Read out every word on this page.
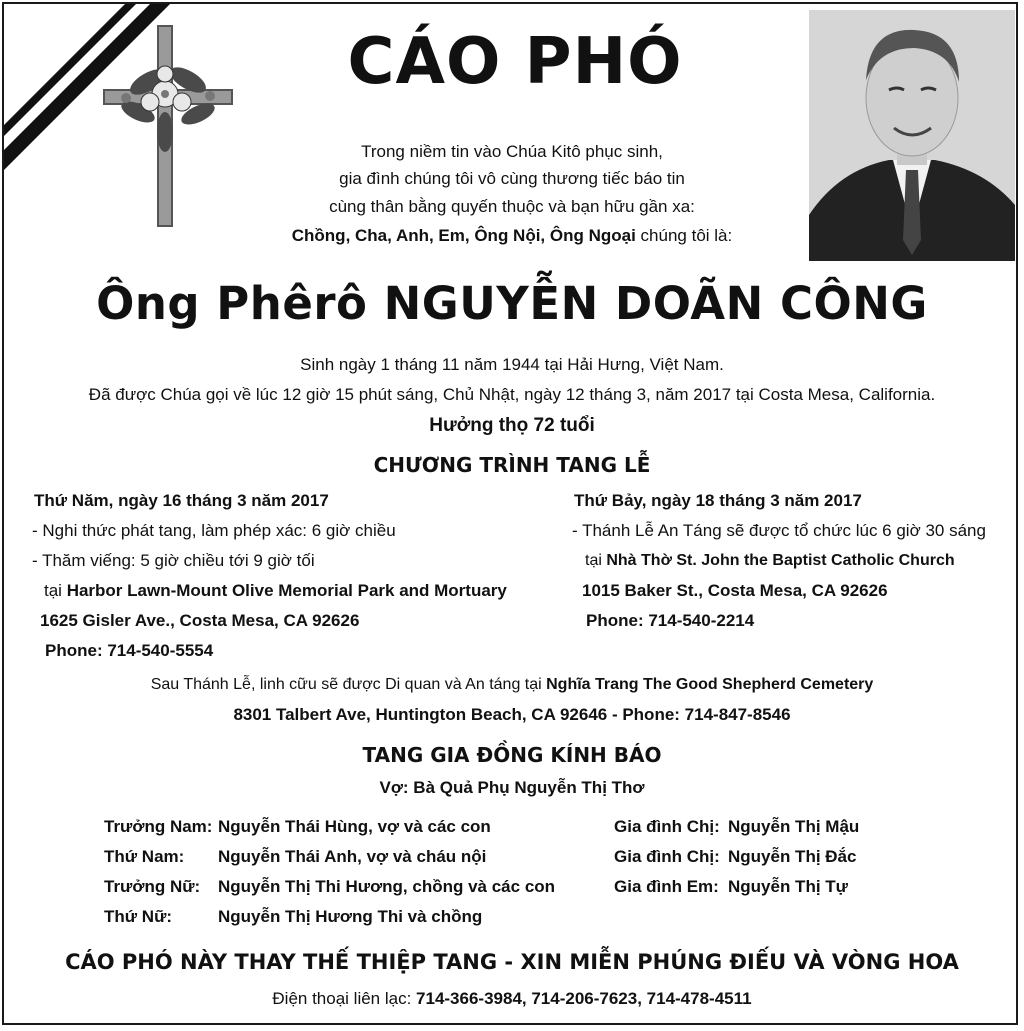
CÁO PHÓ
Trong niềm tin vào Chúa Kitô phục sinh,
gia đình chúng tôi vô cùng thương tiếc báo tin
cùng thân bằng quyến thuộc và bạn hữu gần xa:
Chồng, Cha, Anh, Em, Ông Nội, Ông Ngoại chúng tôi là:
Ông Phêrô NGUYỄN DOÃN CÔNG
Sinh ngày 1 tháng 11 năm 1944 tại Hải Hưng, Việt Nam.
Đã được Chúa gọi về lúc 12 giờ 15 phút sáng, Chủ Nhật, ngày 12 tháng 3, năm 2017 tại Costa Mesa, California.
Hưởng thọ 72 tuổi
CHƯƠNG TRÌNH TANG LỄ
Thứ Năm, ngày 16 tháng 3 năm 2017
- Nghi thức phát tang, làm phép xác: 6 giờ chiều
- Thăm viếng: 5 giờ chiều tới 9 giờ tối
tại Harbor Lawn-Mount Olive Memorial Park and Mortuary
1625 Gisler Ave., Costa Mesa, CA 92626
Phone: 714-540-5554
Thứ Bảy, ngày 18 tháng 3 năm 2017
- Thánh Lễ An Táng sẽ được tổ chức lúc 6 giờ 30 sáng
tại Nhà Thờ St. John the Baptist Catholic Church
1015 Baker St., Costa Mesa, CA 92626
Phone: 714-540-2214
Sau Thánh Lễ, linh cữu sẽ được Di quan và An táng tại Nghĩa Trang The Good Shepherd Cemetery
8301 Talbert Ave, Huntington Beach, CA 92646 - Phone: 714-847-8546
TANG GIA ĐỒNG KÍNH BÁO
Vợ: Bà Quả Phụ Nguyễn Thị Thơ
Trưởng Nam: Nguyễn Thái Hùng, vợ và các con
Thứ Nam: Nguyễn Thái Anh, vợ và cháu nội
Trưởng Nữ: Nguyễn Thị Thi Hương, chồng và các con
Thứ Nữ:	Nguyễn Thị Hương Thi và chồng
Gia đình Chị: Nguyễn Thị Mậu
Gia đình Chị: Nguyễn Thị Đắc
Gia đình Em: Nguyễn Thị Tự
CÁO PHÓ NÀY THAY THẾ THIỆP TANG - XIN MIỄN PHÚNG ĐIẾU VÀ VÒNG HOA
Điện thoại liên lạc: 714-366-3984, 714-206-7623, 714-478-4511
